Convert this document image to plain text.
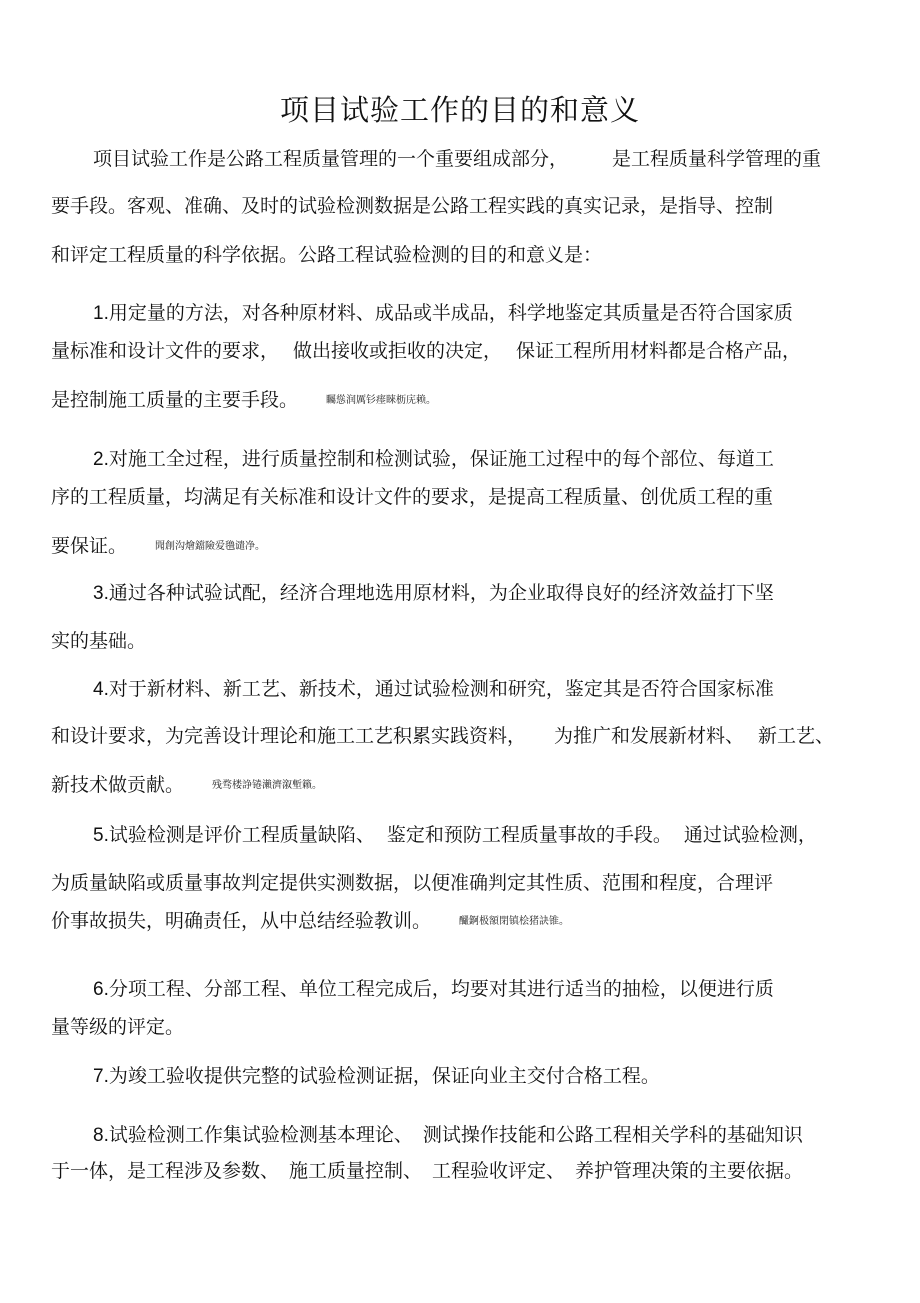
项目试验工作的目的和意义
项目试验工作是公路工程质量管理的一个重要组成部分， 是工程质量科学管理的重
要手段。客观、准确、及时的试验检测数据是公路工程实践的真实记录，是指导、控制
和评定工程质量的科学依据。公路工程试验检测的目的和意义是：
1.用定量的方法，对各种原材料、成品或半成品，科学地鉴定其质量是否符合国家质
量标准和设计文件的要求， 做出接收或拒收的决定， 保证工程所用材料都是合格产品，
是控制施工质量的主要手段。	矚慫润厲钐瘗睞枥庑赖。
2.对施工全过程，进行质量控制和检测试验，保证施工过程中的每个部位、每道工
序的工程质量，均满足有关标准和设计文件的要求，是提高工程质量、创优质工程的重
要保证。	聞創沟燴鐺險爱氇谴净。
3.通过各种试验试配，经济合理地选用原材料，为企业取得良好的经济效益打下坚
实的基础。
4.对于新材料、新工艺、新技术，通过试验检测和研究，鉴定其是否符合国家标准
和设计要求，为完善设计理论和施工工艺积累实践资料， 为推广和发展新材料、 新工艺、
新技术做贡献。	残骛楼諍锩瀨濟溆塹籟。
5.试验检测是评价工程质量缺陷、 鉴定和预防工程质量事故的手段。 通过试验检测，
为质量缺陷或质量事故判定提供实测数据，以便准确判定其性质、范围和程度，合理评
价事故损失，明确责任，从中总结经验教训。	釅錒极額閉镇桧猪訣锥。
6.分项工程、分部工程、单位工程完成后，均要对其进行适当的抽检，以便进行质
量等级的评定。
7.为竣工验收提供完整的试验检测证据，保证向业主交付合格工程。
8.试验检测工作集试验检测基本理论、 测试操作技能和公路工程相关学科的基础知识
于一体，是工程涉及参数、 施工质量控制、 工程验收评定、 养护管理决策的主要依据。
